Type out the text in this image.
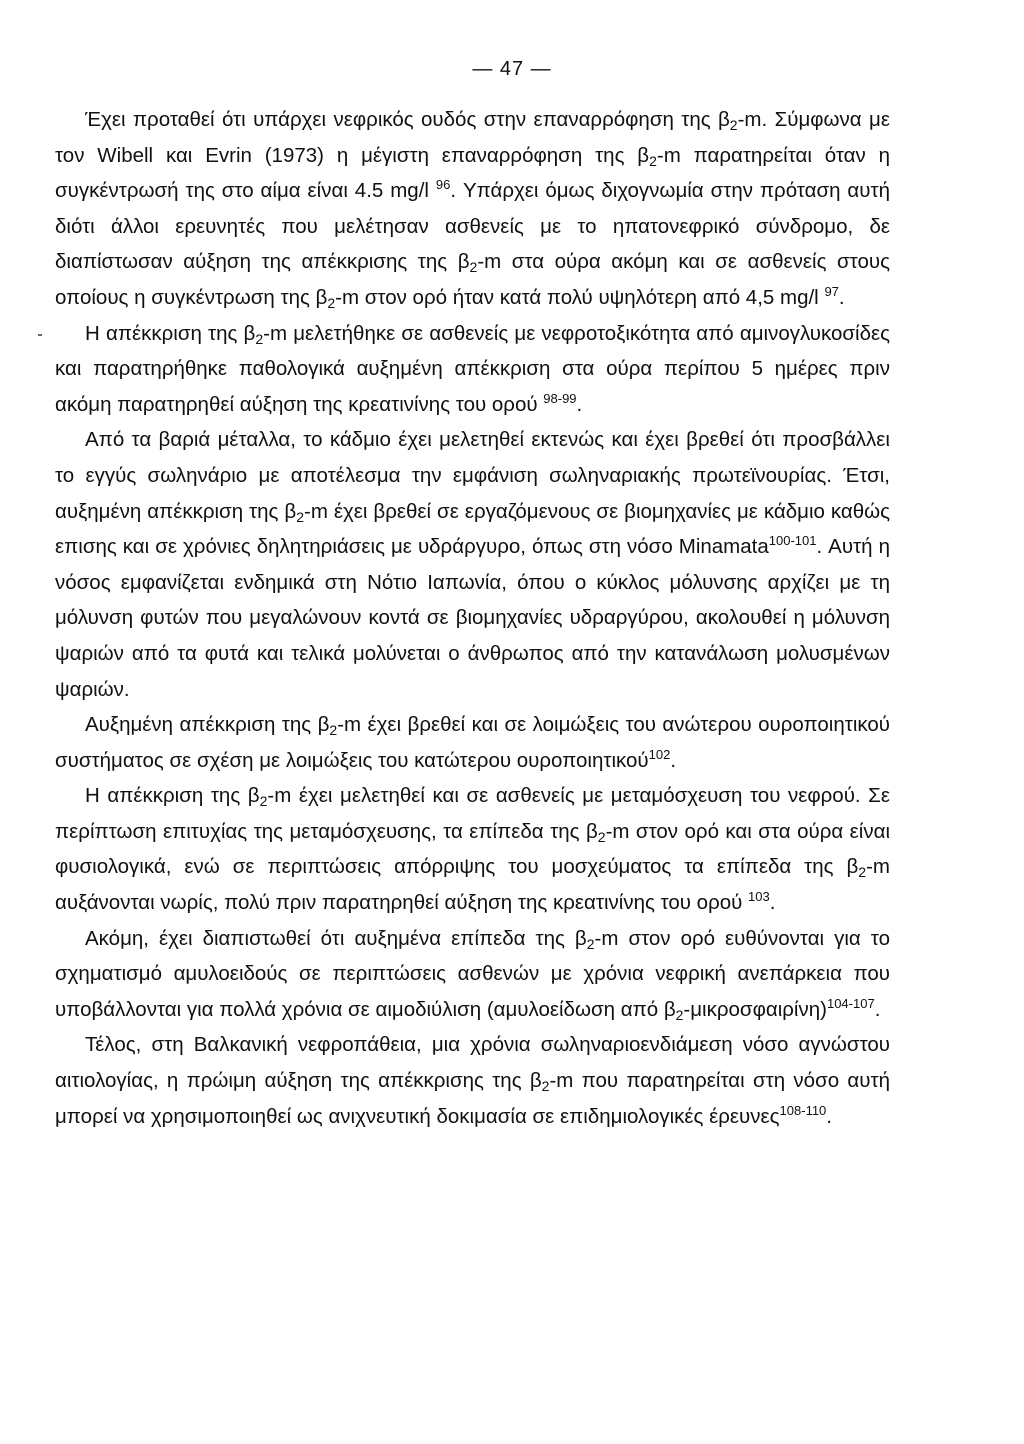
— 47 —

Έχει προταθεί ότι υπάρχει νεφρικός ουδός στην επαναρρόφηση της $\beta_2-m$. Σύμφωνα με τον Wibell και Evrin (1973) η μέγιστη επαναρρόφηση της $\beta_2-m$ παρατηρείται όταν η συγκέντρωσή της στο αίμα είναι 4.5 mg/l $^{96}$. Υπάρχει όμως διχογνωμία στην πρόταση αυτή διότι άλλοι ερευνητές που μελέτησαν ασθενείς με το ηπατονεφρικό σύνδρομο, δε διαπίστωσαν αύξηση της απέκκρισης της $\beta_2-m$ στα ούρα ακόμη και σε ασθενείς στους οποίους η συγκέντρωση της $\beta_2-m$ στον ορό ήταν κατά πολύ υψηλότερη από 4,5 mg/l $^{97}$.

Η απέκκριση της $\beta_2-m$ μελετήθηκε σε ασθενείς με νεφροτοξικότητα από αμινογλυκοσίδες και παρατηρήθηκε παθολογικά αυξημένη απέκκριση στα ούρα περίπου 5 ημέρες πριν ακόμη παρατηρηθεί αύξηση της κρεατινίνης του ορού $^{98-99}$.

Από τα βαριά μέταλλα, το κάδμιο έχει μελετηθεί εκτενώς και έχει βρεθεί ότι προσβάλλει το εγγύς σωληνάριο με αποτέλεσμα την εμφάνιση σωληναριακής πρωτεϊνουρίας. Έτσι, αυξημένη απέκκριση της $\beta_2-m$ έχει βρεθεί σε εργαζόμενους σε βιομηχανίες με κάδμιο καθώς επισης και σε χρόνιες δηλητηριάσεις με υδράργυρο, όπως στη νόσο Minamata$^{100-101}$. Αυτή η νόσος εμφανίζεται ενδημικά στη Νότιο Ιαπωνία, όπου ο κύκλος μόλυνσης αρχίζει με τη μόλυνση φυτών που μεγαλώνουν κοντά σε βιομηχανίες υδραργύρου, ακολουθεί η μόλυνση ψαριών από τα φυτά και τελικά μολύνεται ο άνθρωπος από την κατανάλωση μολυσμένων ψαριών.

Αυξημένη απέκκριση της $\beta_2-m$ έχει βρεθεί και σε λοιμώξεις του ανώτερου ουροποιητικού συστήματος σε σχέση με λοιμώξεις του κατώτερου ουροποιητικού$^{102}$.

Η απέκκριση της $\beta_2-m$ έχει μελετηθεί και σε ασθενείς με μεταμόσχευση του νεφρού. Σε περίπτωση επιτυχίας της μεταμόσχευσης, τα επίπεδα της $\beta_2-m$ στον ορό και στα ούρα είναι φυσιολογικά, ενώ σε περιπτώσεις απόρριψης του μοσχεύματος τα επίπεδα της $\beta_2-m$ αυξάνονται νωρίς, πολύ πριν παρατηρηθεί αύξηση της κρεατινίνης του ορού $^{103}$.

Ακόμη, έχει διαπιστωθεί ότι αυξημένα επίπεδα της $\beta_2-m$ στον ορό ευθύνονται για το σχηματισμό αμυλοειδούς σε περιπτώσεις ασθενών με χρόνια νεφρική ανεπάρκεια που υποβάλλονται για πολλά χρόνια σε αιμοδιύλιση (αμυλοείδωση από $\beta_2-\mu\iota\kappa\rho o\sigma\varphi\alpha\iota\rho ί\nu\eta)^{104-107}$.

Τέλος, στη Βαλκανική νεφροπάθεια, μια χρόνια σωληναριοενδιάμεση νόσο αγνώστου αιτιολογίας, η πρώιμη αύξηση της απέκκρισης της $\beta_2-m$ που παρατηρείται στη νόσο αυτή μπορεί να χρησιμοποιηθεί ως ανιχνευτική δοκιμασία σε επιδημιολογικές έρευνες$^{108-110}$.
